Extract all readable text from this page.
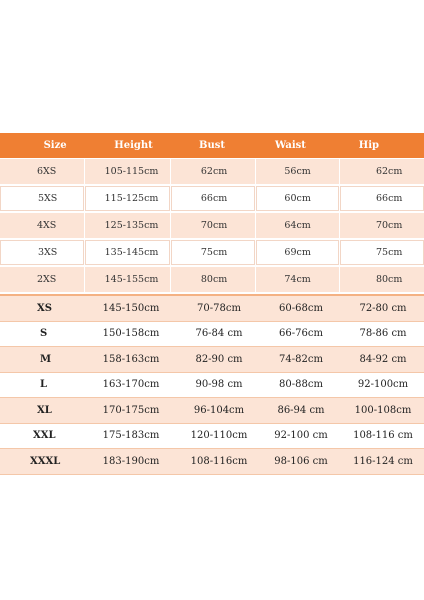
Size	Height	Bust	Waist	Hip
6XS	105-115cm	62cm	56cm	62cm
5XS	115-125cm	66cm	60cm	66cm
4XS	125-135cm	70cm	64cm	70cm
3XS	135-145cm	75cm	69cm	75cm
2XS	145-155cm	80cm	74cm	80cm
XS	145-150cm	70-78cm	60-68cm	72-80 cm
S	150-158cm	76-84 cm	66-76cm	78-86 cm
M	158-163cm	82-90 cm	74-82cm	84-92 cm
L	163-170cm	90-98 cm	80-88cm	92-100cm
XL	170-175cm	96-104cm	86-94 cm	100-108cm
XXL	175-183cm	120-110cm	92-100 cm	108-116 cm
XXXL	183-190cm	108-116cm	98-106 cm	116-124 cm
